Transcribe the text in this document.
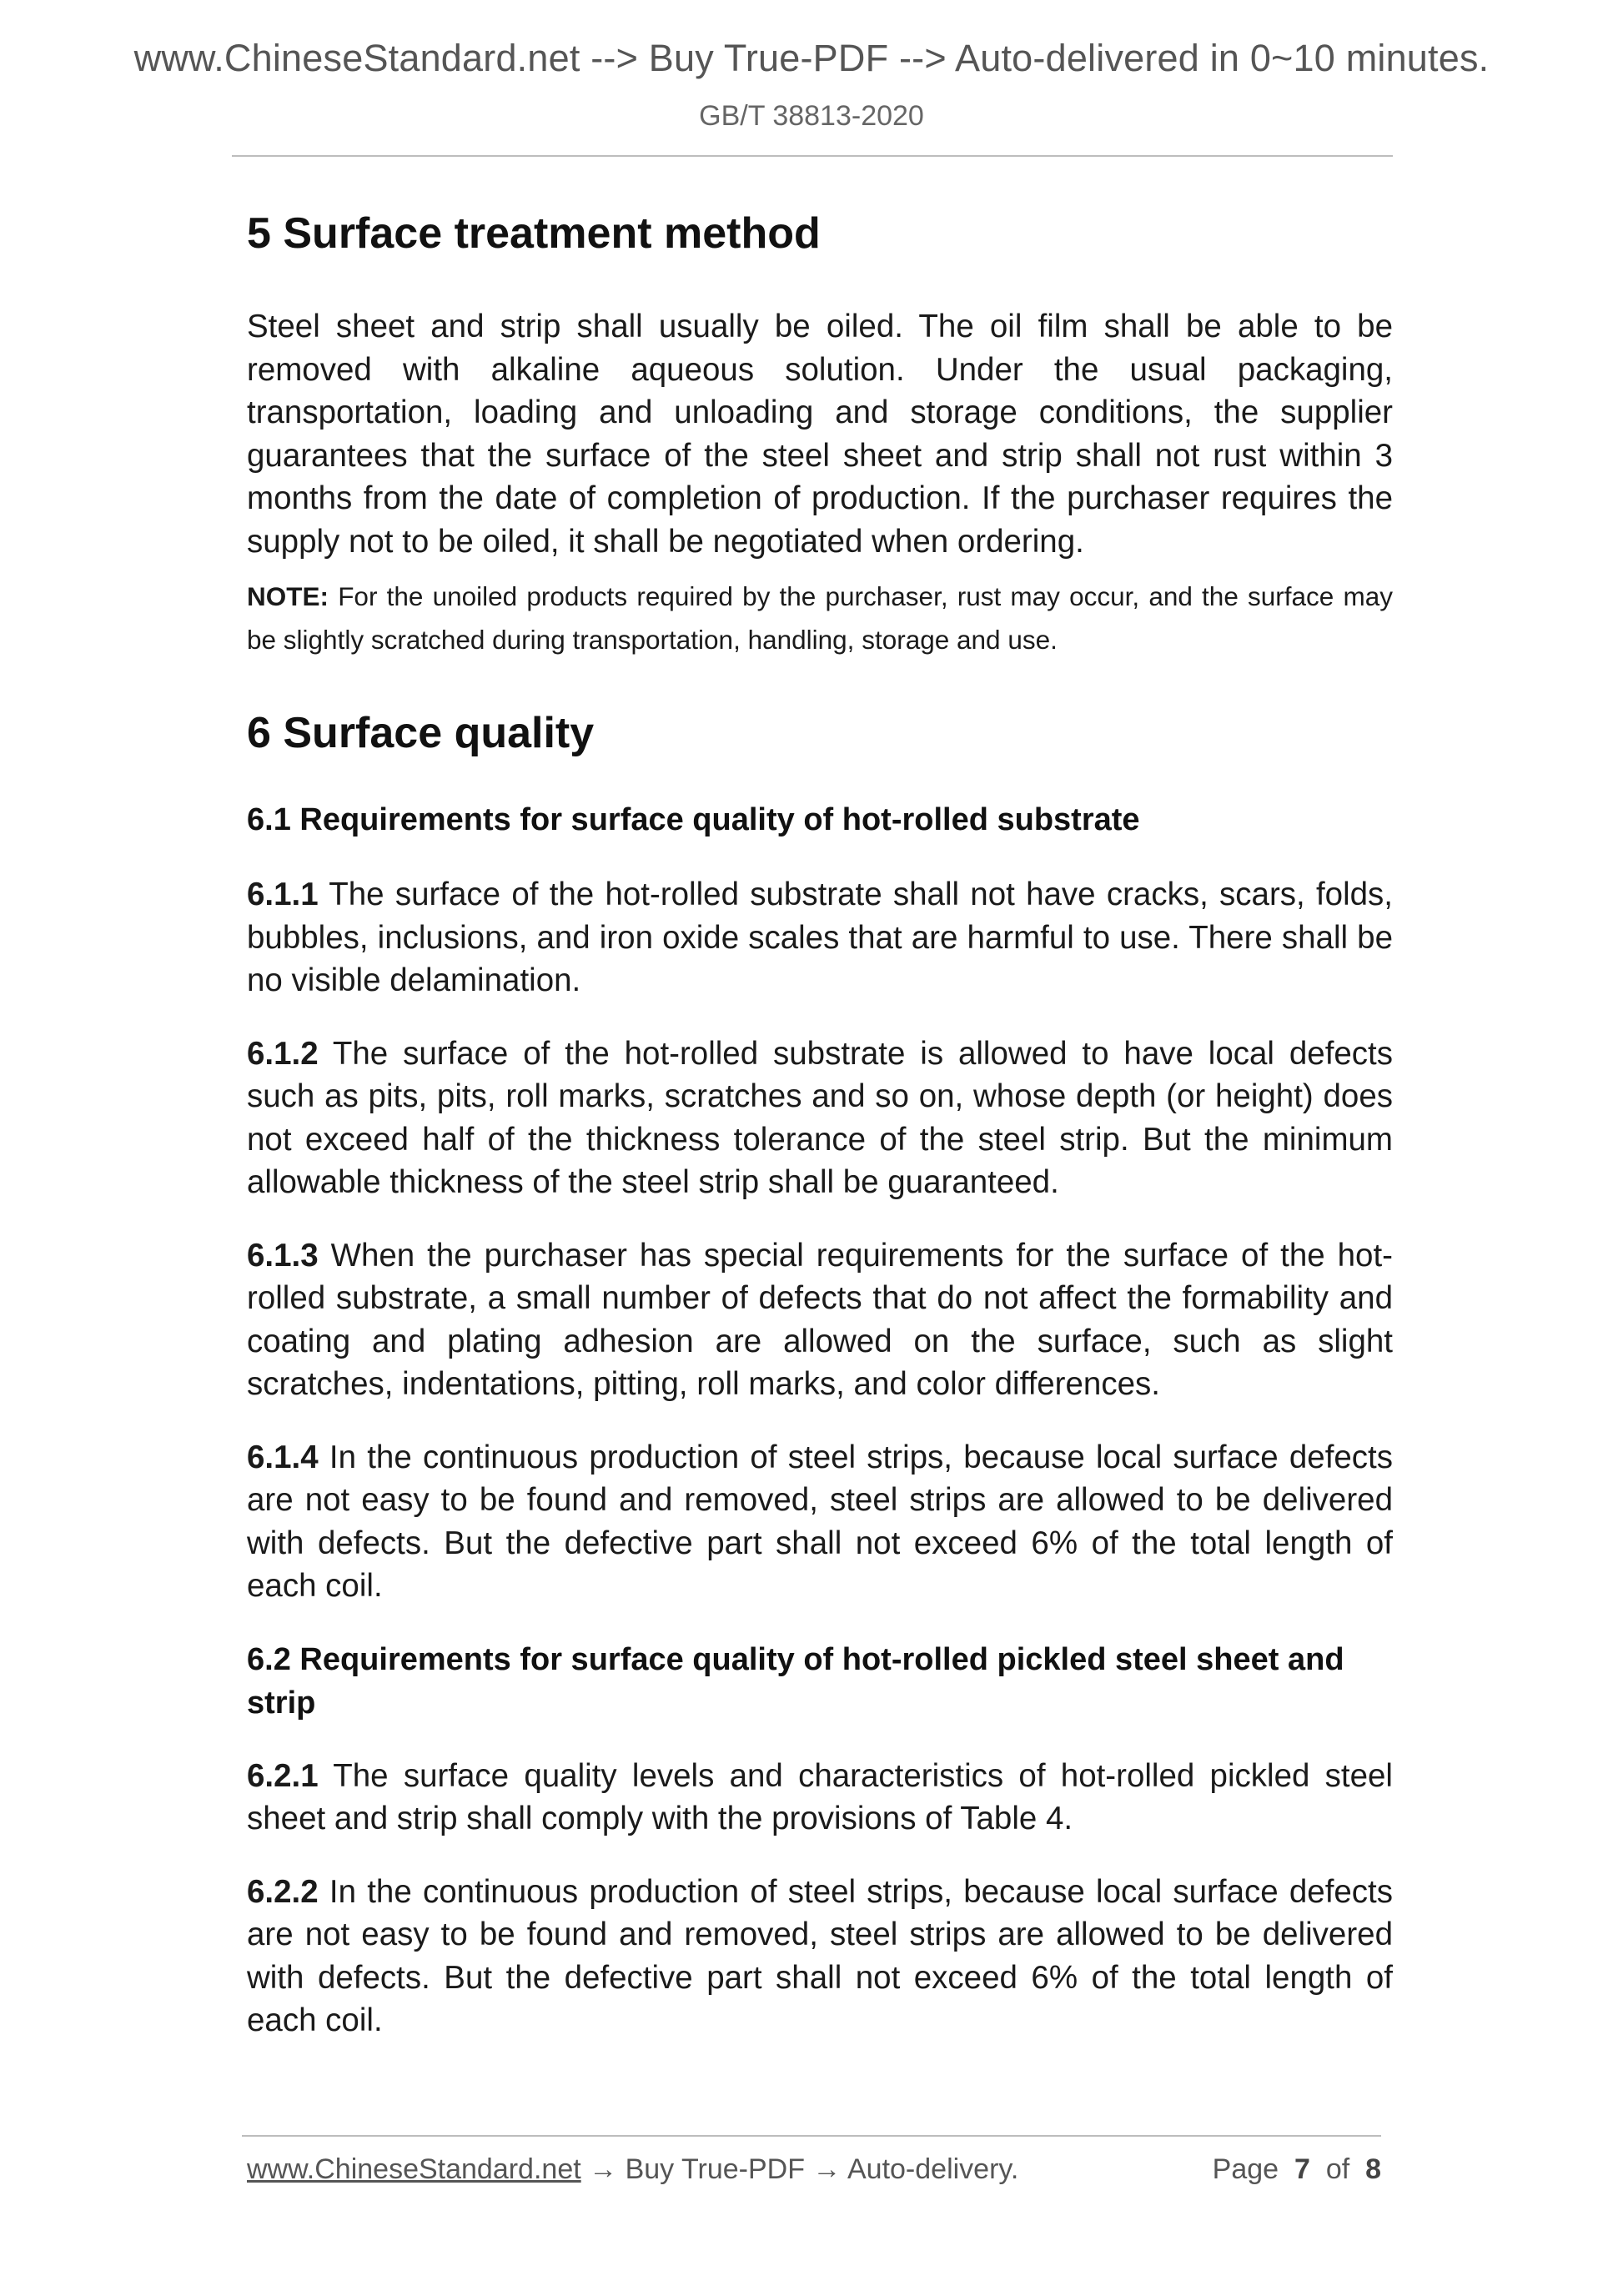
www.ChineseStandard.net --> Buy True-PDF --> Auto-delivered in 0~10 minutes.
GB/T 38813-2020
5 Surface treatment method

Steel sheet and strip shall usually be oiled. The oil film shall be able to be removed with alkaline aqueous solution. Under the usual packaging, transportation, loading and unloading and storage conditions, the supplier guarantees that the surface of the steel sheet and strip shall not rust within 3 months from the date of completion of production. If the purchaser requires the supply not to be oiled, it shall be negotiated when ordering.

NOTE: For the unoiled products required by the purchaser, rust may occur, and the surface may be slightly scratched during transportation, handling, storage and use.
6 Surface quality
6.1 Requirements for surface quality of hot-rolled substrate

6.1.1 The surface of the hot-rolled substrate shall not have cracks, scars, folds, bubbles, inclusions, and iron oxide scales that are harmful to use. There shall be no visible delamination.

6.1.2 The surface of the hot-rolled substrate is allowed to have local defects such as pits, pits, roll marks, scratches and so on, whose depth (or height) does not exceed half of the thickness tolerance of the steel strip. But the minimum allowable thickness of the steel strip shall be guaranteed.

6.1.3 When the purchaser has special requirements for the surface of the hot-rolled substrate, a small number of defects that do not affect the formability and coating and plating adhesion are allowed on the surface, such as slight scratches, indentations, pitting, roll marks, and color differences.

6.1.4 In the continuous production of steel strips, because local surface defects are not easy to be found and removed, steel strips are allowed to be delivered with defects. But the defective part shall not exceed 6% of the total length of each coil.

6.2 Requirements for surface quality of hot-rolled pickled steel sheet and strip

6.2.1 The surface quality levels and characteristics of hot-rolled pickled steel sheet and strip shall comply with the provisions of Table 4.

6.2.2 In the continuous production of steel strips, because local surface defects are not easy to be found and removed, steel strips are allowed to be delivered with defects. But the defective part shall not exceed 6% of the total length of each coil.

www.ChineseStandard.net → Buy True-PDF → Auto-delivery.	Page 7 of 8
